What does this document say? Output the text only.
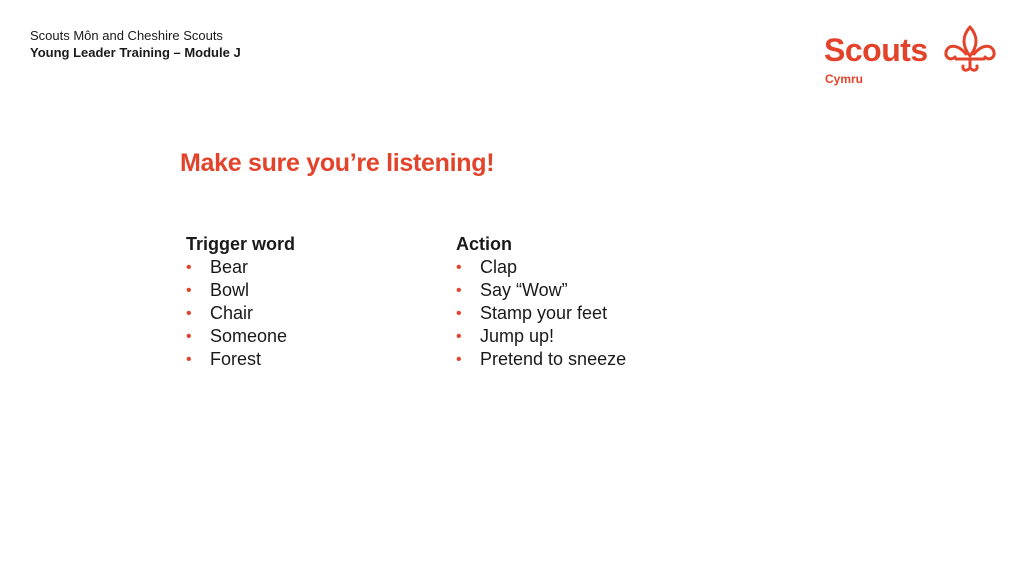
Scouts Môn and Cheshire Scouts
Young Leader Training – Module J	Scouts
Cymru
Make sure you’re listening!
Trigger word
• Bear
• Bowl
• Chair
• Someone
• Forest
Action
• Clap
• Say “Wow”
• Stamp your feet
• Jump up!
• Pretend to sneeze
